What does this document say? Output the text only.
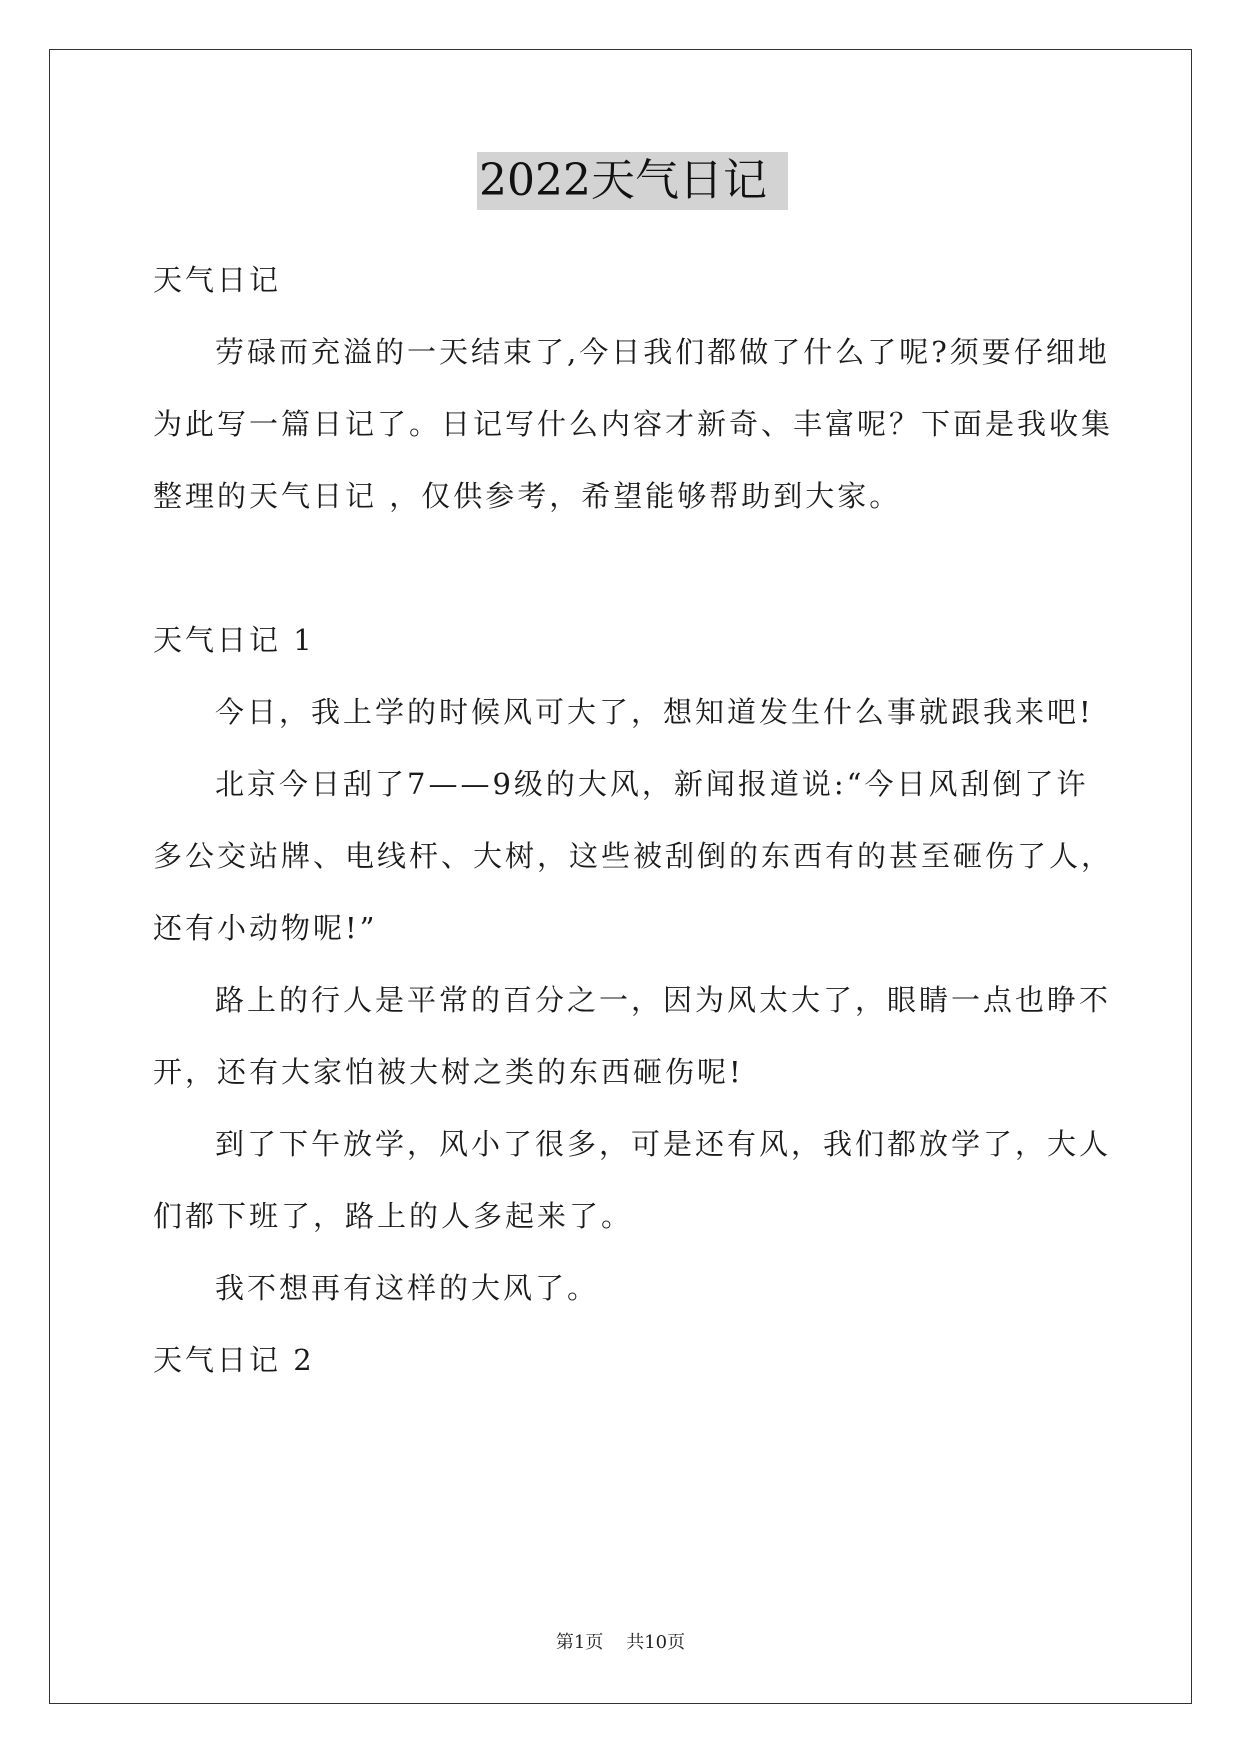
2022天气日记
天气日记
劳碌而充溢的一天结束了,今日我们都做了什么了呢?须要仔细地
为此写一篇日记了。日记写什么内容才新奇、丰富呢？下面是我收集
整理的天气日记 ，仅供参考，希望能够帮助到大家。
天气日记 1
今日，我上学的时候风可大了，想知道发生什么事就跟我来吧!
北京今日刮了7——9级的大风，新闻报道说:“今日风刮倒了许
多公交站牌、电线杆、大树，这些被刮倒的东西有的甚至砸伤了人，
还有小动物呢!”
路上的行人是平常的百分之一，因为风太大了，眼睛一点也睁不
开，还有大家怕被大树之类的东西砸伤呢!
到了下午放学，风小了很多，可是还有风，我们都放学了，大人
们都下班了，路上的人多起来了。
我不想再有这样的大风了。
天气日记 2
第1页    共10页
